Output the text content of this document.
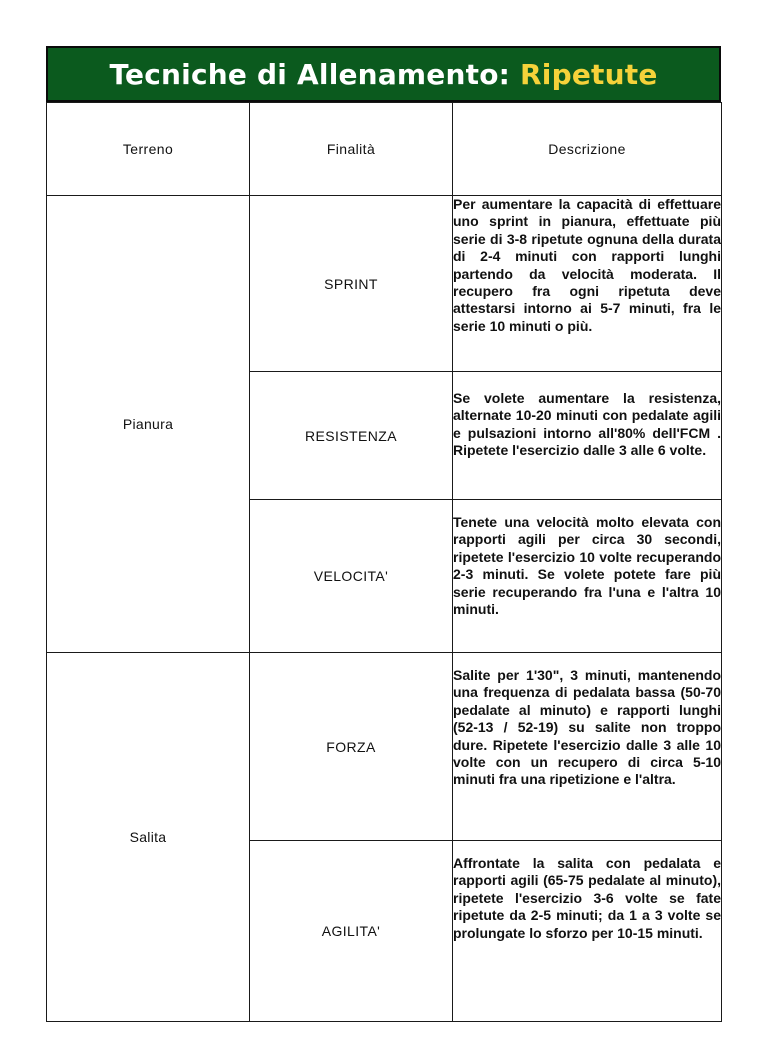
Tecniche di Allenamento: Ripetute
Terreno	Finalità	Descrizione
Pianura	SPRINT	Per aumentare la capacità di effettuare uno sprint in pianura, effettuate più serie di 3-8 ripetute ognuna della durata di 2-4 minuti con rapporti lunghi partendo da velocità moderata. Il recupero fra ogni ripetuta deve attestarsi intorno ai 5-7 minuti, fra le serie 10 minuti o più.
	RESISTENZA	Se volete aumentare la resistenza, alternate 10-20 minuti con pedalate agili e pulsazioni intorno all'80% dell'FCM . Ripetete l'esercizio dalle 3 alle 6 volte.

	VELOCITA'	Tenete una velocità molto elevata con rapporti agili per circa 30 secondi, ripetete l'esercizio 10 volte recuperando 2-3 minuti. Se volete potete fare più serie recuperando fra l'una e l'altra 10 minuti.

Salita	FORZA	Salite per 1'30", 3 minuti, mantenendo una frequenza di pedalata bassa (50-70 pedalate al minuto) e rapporti lunghi (52-13 / 52-19) su salite non troppo dure. Ripetete l'esercizio dalle 3 alle 10 volte con un recupero di circa 5-10 minuti fra una ripetizione e l'altra.

	AGILITA'	Affrontate la salita con pedalata e rapporti agili (65-75 pedalate al minuto), ripetete l'esercizio 3-6 volte se fate ripetute da 2-5 minuti; da 1 a 3 volte se prolungate lo sforzo per 10-15 minuti.
